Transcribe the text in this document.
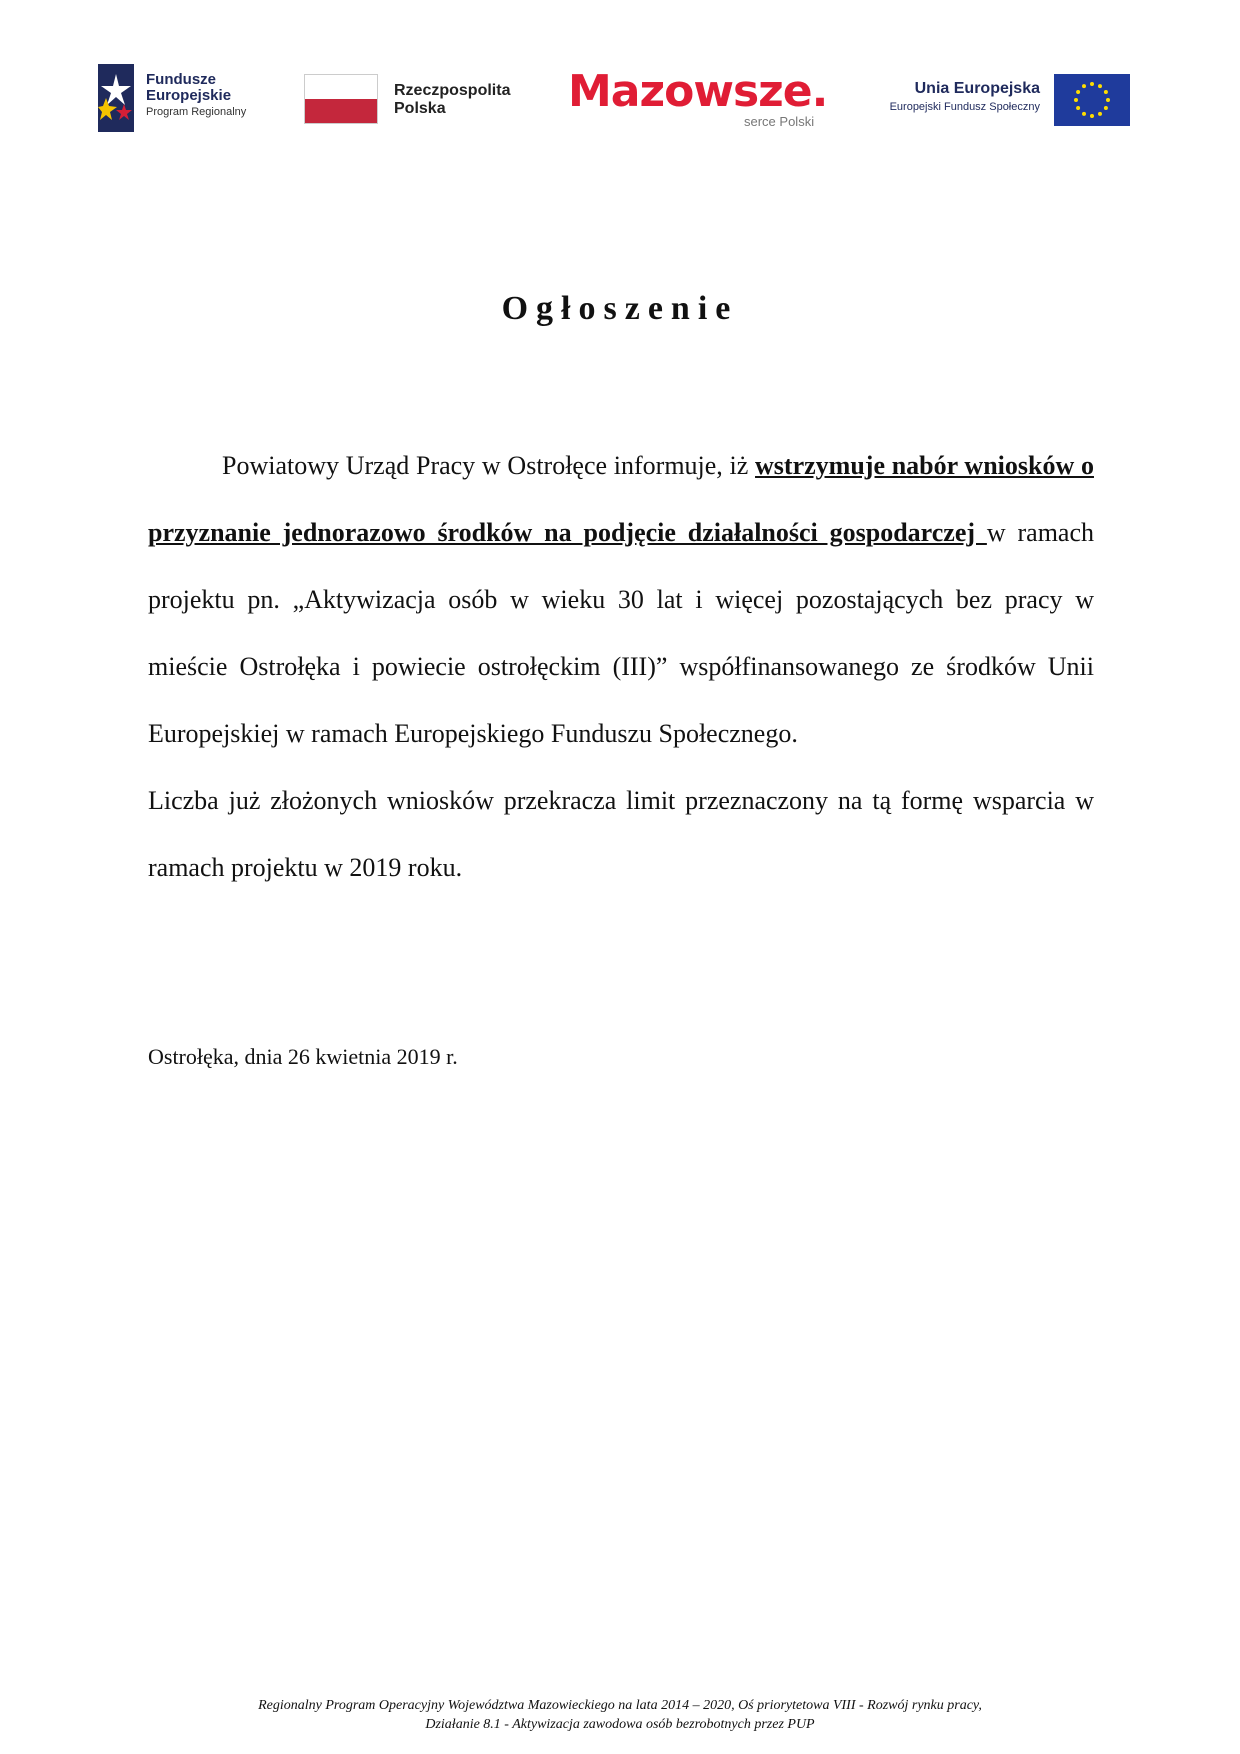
Fundusze
Europejskie
Program Regionalny
Rzeczpospolita
Polska	Mazowsze.
serce Polski
Unia Europejska
Europejski Fundusz Społeczny
Ogłoszenie

Powiatowy Urząd Pracy w Ostrołęce informuje, iż wstrzymuje nabór wniosków o przyznanie jednorazowo środków na podjęcie działalności gospodarczej w ramach projektu pn. „Aktywizacja osób w wieku 30 lat i więcej pozostających bez pracy w mieście Ostrołęka i powiecie ostrołęckim (III)” współfinansowanego ze środków Unii Europejskiej w ramach Europejskiego Funduszu Społecznego.

Liczba już złożonych wniosków przekracza limit przeznaczony na tą formę wsparcia w ramach projektu w 2019 roku.

Ostrołęka, dnia 26 kwietnia 2019 r.

Regionalny Program Operacyjny Województwa Mazowieckiego na lata 2014 – 2020, Oś priorytetowa VIII - Rozwój rynku pracy,
Działanie 8.1 - Aktywizacja zawodowa osób bezrobotnych przez PUP
